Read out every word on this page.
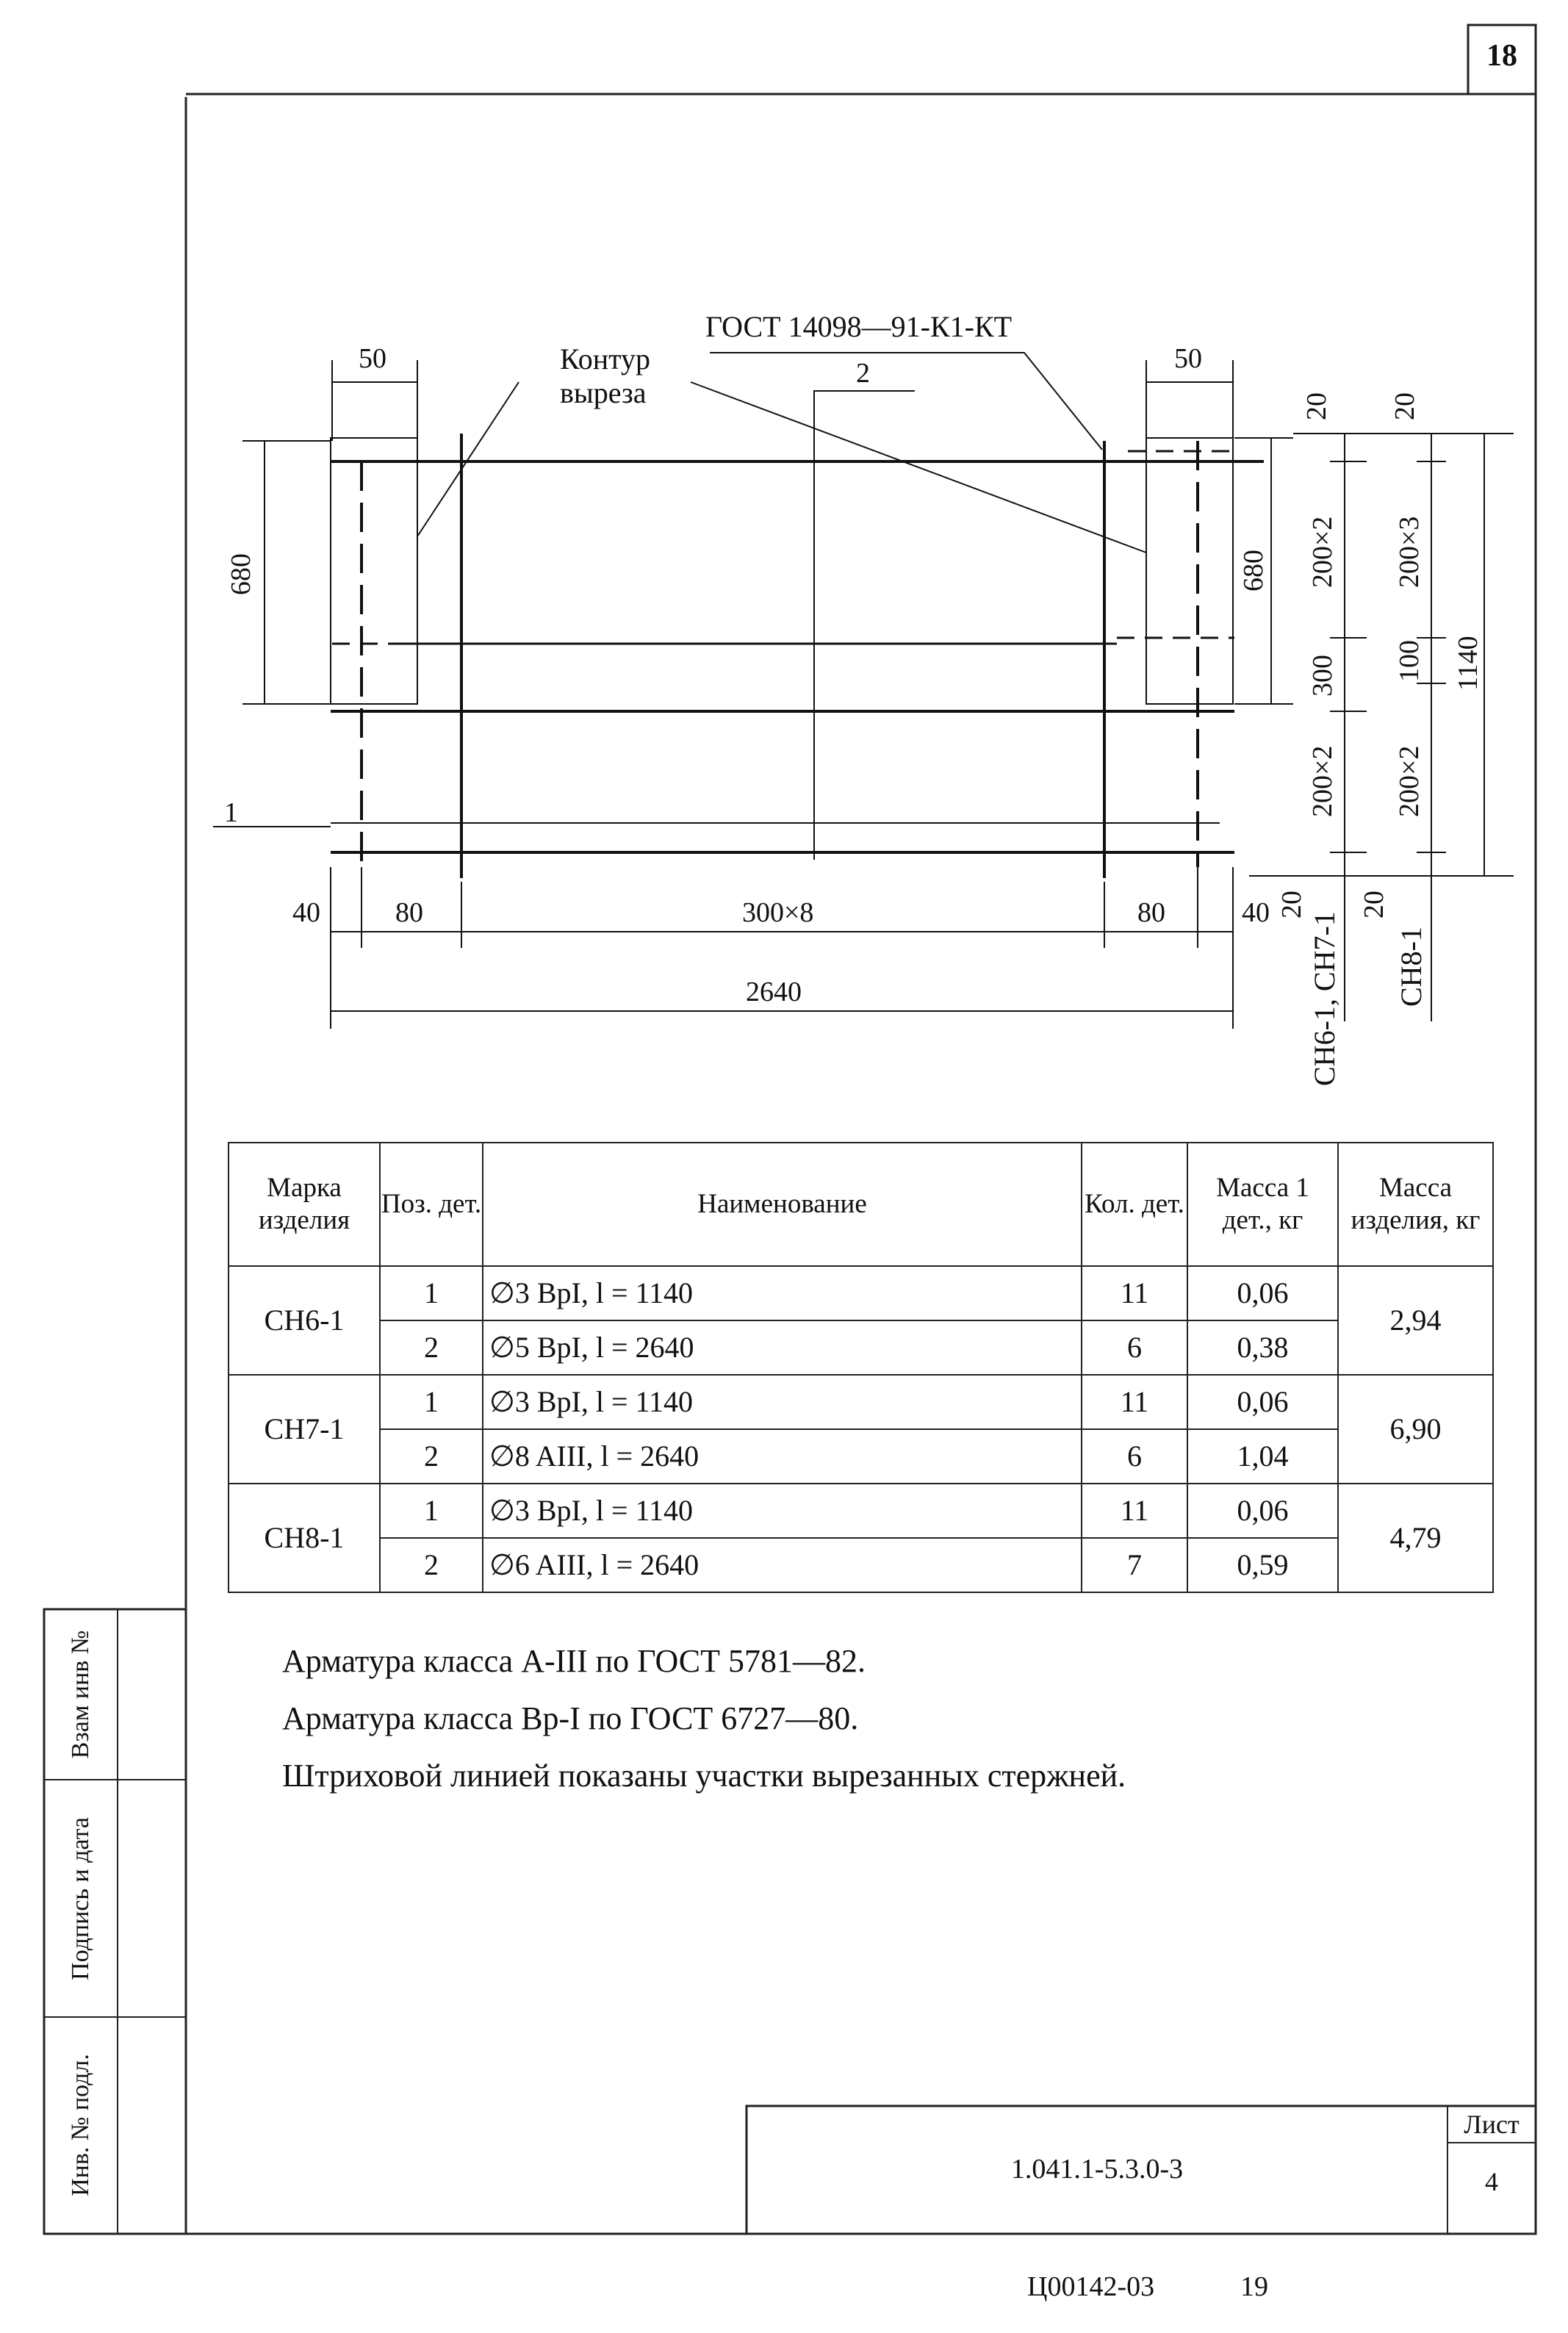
ГОСТ 14098—91-К1-КТ
Контур
выреза
2
1
50	50
680	680
40	80	300×8	80	40
2640
20
200×2
300
200×2
20
СН6-1, СН7-1
20
200×3
100
200×2
20
СН8-1
1140
18
Марка изделия	Поз. дет.	Наименование	Кол. дет.	Масса 1 дет., кг	Масса изделия, кг
СН6-1	1	∅3 BpI, l = 1140	11	0,06	2,94
	2	∅5 BpI, l = 2640	6	0,38	
СН7-1	1	∅3 BpI, l = 1140	11	0,06	6,90
	2	∅8 AIII, l = 2640	6	1,04	
СН8-1	1	∅3 BpI, l = 1140	11	0,06	4,79
	2	∅6 AIII, l = 2640	7	0,59	
Арматура класса А-III по ГОСТ 5781—82.
Арматура класса Вр-I по ГОСТ 6727—80.
Штриховой линией показаны участки вырезанных стержней.
Взам инв №
Подпись и дата
Инв. № подл.	1.041.1-5.3.0-3
Лист
4
Ц00142-03	19
